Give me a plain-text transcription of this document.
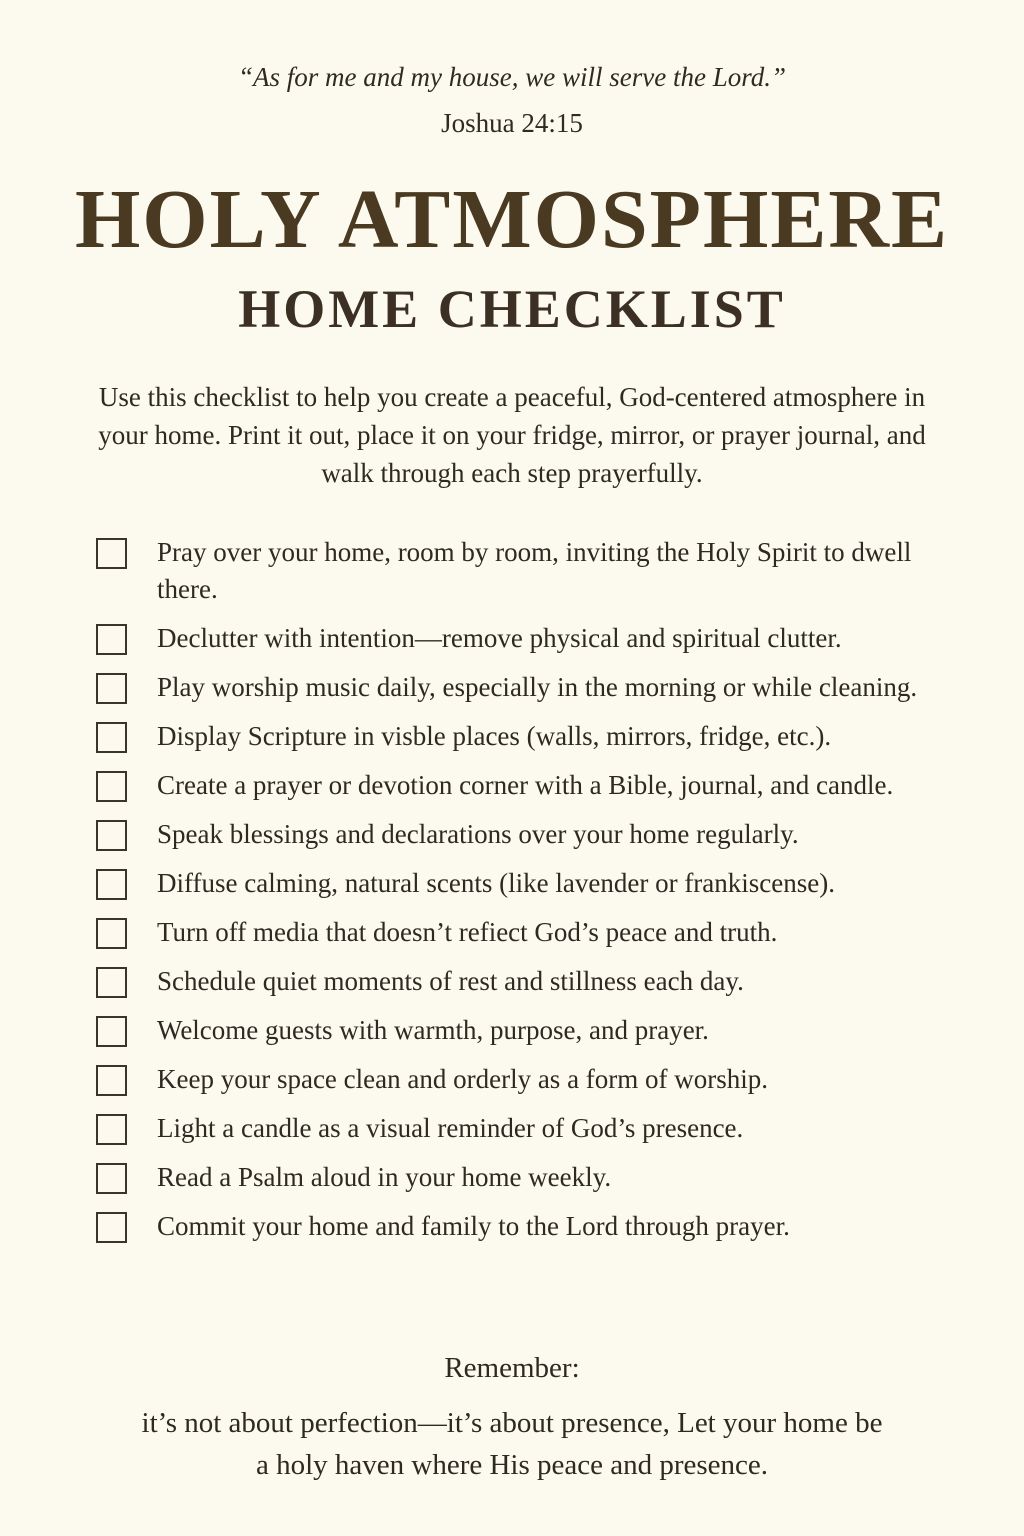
“As for me and my house, we will serve the Lord.”
Joshua 24:15
HOLY ATMOSPHERE
HOME CHECKLIST

Use this checklist to help you create a peaceful, God-centered atmosphere in your home. Print it out, place it on your fridge, mirror, or prayer journal, and walk through each step prayerfully.

Pray over your home, room by room, inviting the Holy Spirit to dwell there.
Declutter with intention—remove physical and spiritual clutter.
Play worship music daily, especially in the morning or while cleaning.
Display Scripture in visble places (walls, mirrors, fridge, etc.).
Create a prayer or devotion corner with a Bible, journal, and candle.
Speak blessings and declarations over your home regularly.
Diffuse calming, natural scents (like lavender or frankiscense).
Turn off media that doesn’t refiect God’s peace and truth.
Schedule quiet moments of rest and stillness each day.
Welcome guests with warmth, purpose, and prayer.
Keep your space clean and orderly as a form of worship.
Light a candle as a visual reminder of God’s presence.
Read a Psalm aloud in your home weekly.
Commit your home and family to the Lord through prayer.
Remember:

it’s not about perfection—it’s about presence, Let your home be a holy haven where His peace and presence.
